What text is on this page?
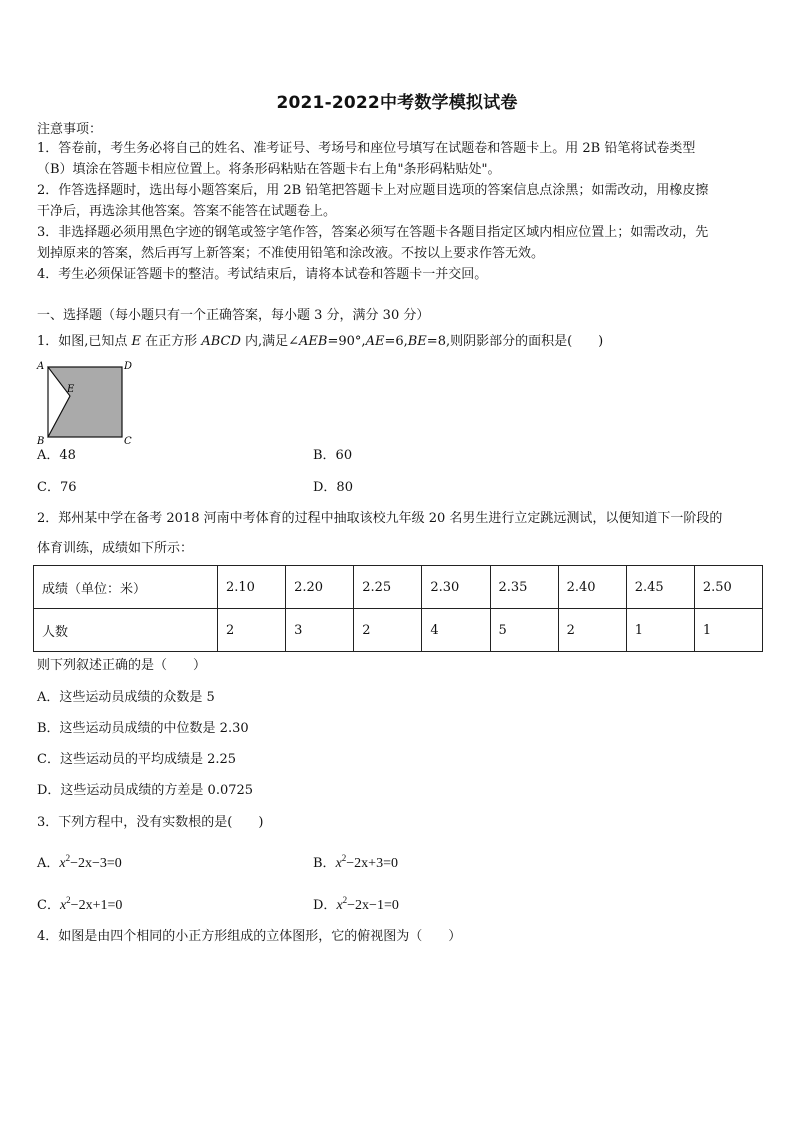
2021-2022中考数学模拟试卷
注意事项：
1．答卷前，考生务必将自己的姓名、准考证号、考场号和座位号填写在试题卷和答题卡上。用 2B 铅笔将试卷类型
（B）填涂在答题卡相应位置上。将条形码粘贴在答题卡右上角"条形码粘贴处"。
2．作答选择题时，选出每小题答案后，用 2B 铅笔把答题卡上对应题目选项的答案信息点涂黑；如需改动，用橡皮擦
干净后，再选涂其他答案。答案不能答在试题卷上。
3．非选择题必须用黑色字迹的钢笔或签字笔作答，答案必须写在答题卡各题目指定区域内相应位置上；如需改动，先
划掉原来的答案，然后再写上新答案；不准使用铅笔和涂改液。不按以上要求作答无效。
4．考生必须保证答题卡的整洁。考试结束后，请将本试卷和答题卡一并交回。
一、选择题（每小题只有一个正确答案，每小题 3 分，满分 30 分）
1．如图,已知点 E 在正方形 ABCD 内,满足∠AEB=90°,AE=6,BE=8,则阴影部分的面积是(　　)
A	D
B	C
E
A．48	B．60
C．76	D．80
2．郑州某中学在备考 2018 河南中考体育的过程中抽取该校九年级 20 名男生进行立定跳远测试，以便知道下一阶段的
体育训练，成绩如下所示：
成绩（单位：米）	2.10	2.20	2.25	2.30	2.35	2.40	2.45	2.50
人数	2	3	2	4	5	2	1	1
则下列叙述正确的是（　　）
A．这些运动员成绩的众数是 5
B．这些运动员成绩的中位数是 2.30
C．这些运动员的平均成绩是 2.25
D．这些运动员成绩的方差是 0.0725
3．下列方程中，没有实数根的是(　　)
A．$x^2-2x-3=0$	B．$x^2-2x+3=0$
C．$x^2-2x+1=0$	D．$x^2-2x-1=0$
4．如图是由四个相同的小正方形组成的立体图形，它的俯视图为（　　）
